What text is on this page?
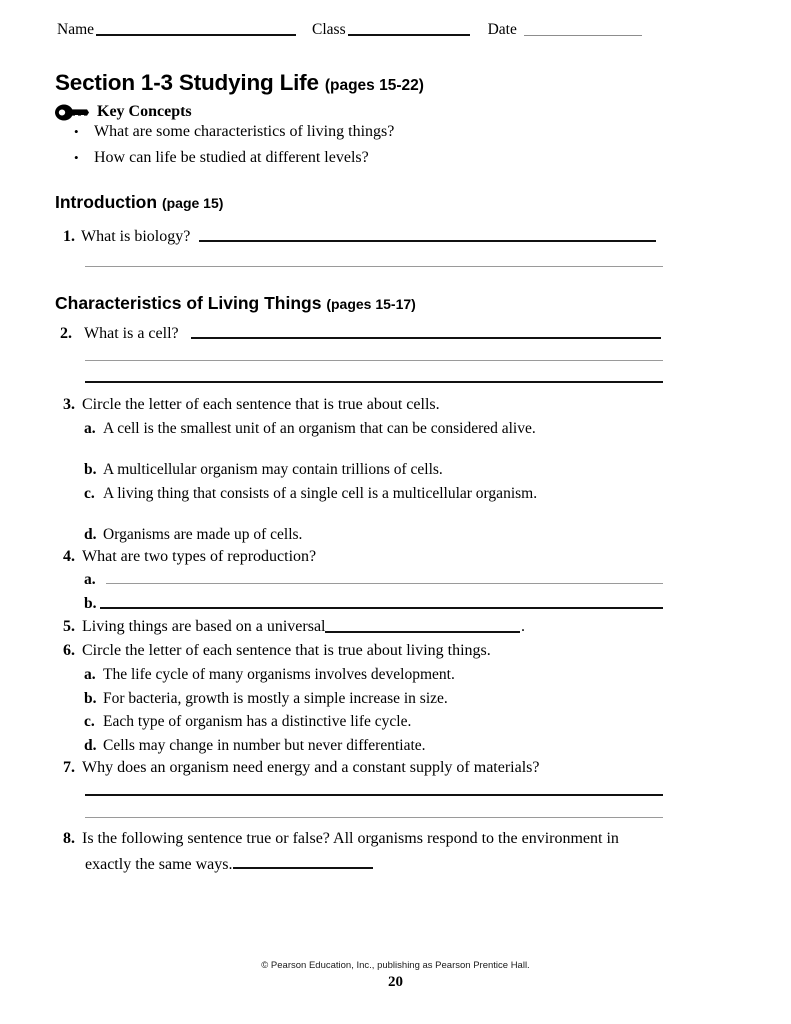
Name	Class	Date
Section 1-3 Studying Life (pages 15-22)
Key Concepts
• What are some characteristics of living things?
• How can life be studied at different levels?
Introduction (page 15)
1. What is biology?
Characteristics of Living Things (pages 15-17)
2. What is a cell?
3. Circle the letter of each sentence that is true about cells.
a. A cell is the smallest unit of an organism that can be considered alive.
b. A multicellular organism may contain trillions of cells.
c. A living thing that consists of a single cell is a multicellular organism.
d. Organisms are made up of cells.
4. What are two types of reproduction?
a.
b.
5. Living things are based on a universal	.
6. Circle the letter of each sentence that is true about living things.
a. The life cycle of many organisms involves development.
b. For bacteria, growth is mostly a simple increase in size.
c. Each type of organism has a distinctive life cycle.
d. Cells may change in number but never differentiate.
7. Why does an organism need energy and a constant supply of materials?
8. Is the following sentence true or false? All organisms respond to the environment in
exactly the same ways.
© Pearson Education, Inc., publishing as Pearson Prentice Hall.
20
